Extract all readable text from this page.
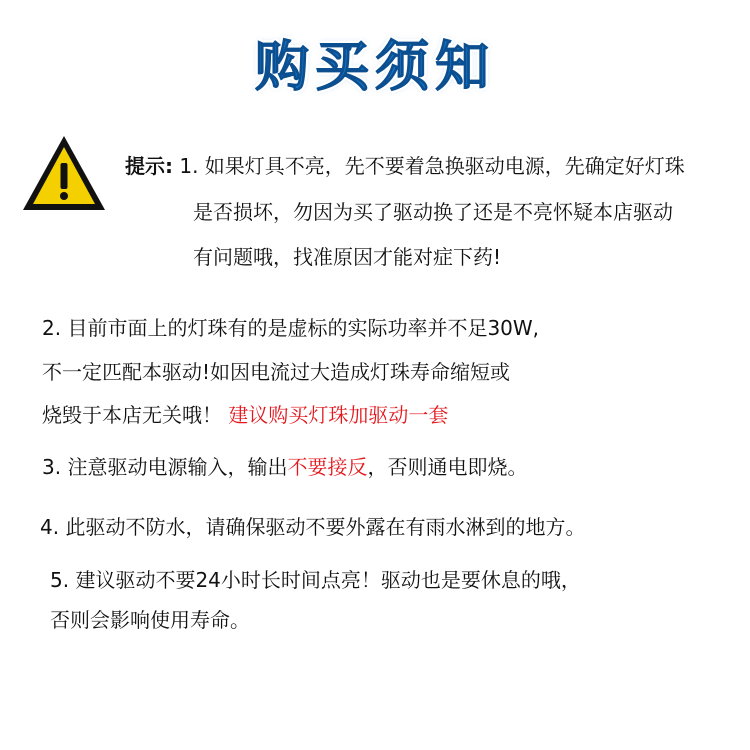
购买须知
提示: 1. 如果灯具不亮，先不要着急换驱动电源，先确定好灯珠
是否损坏，勿因为买了驱动换了还是不亮怀疑本店驱动
有问题哦，找准原因才能对症下药!
2. 目前市面上的灯珠有的是虚标的实际功率并不足30W,
不一定匹配本驱动!如因电流过大造成灯珠寿命缩短或
烧毁于本店无关哦！ 建议购买灯珠加驱动一套
3. 注意驱动电源输入，输出不要接反，否则通电即烧。
4. 此驱动不防水，请确保驱动不要外露在有雨水淋到的地方。
5. 建议驱动不要24小时长时间点亮！驱动也是要休息的哦，
否则会影响使用寿命。
